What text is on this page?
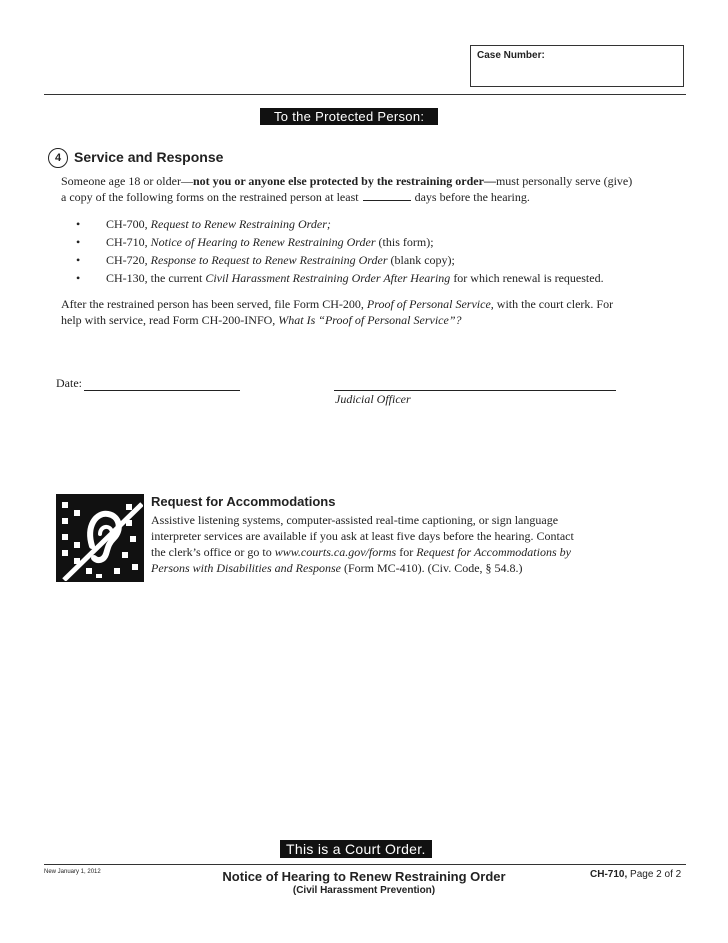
Case Number:
To the Protected Person:
4 Service and Response
Someone age 18 or older—not you or anyone else protected by the restraining order—must personally serve (give)
a copy of the following forms on the restrained person at least	days before the hearing.
•	CH-700, Request to Renew Restraining Order;
•	CH-710, Notice of Hearing to Renew Restraining Order (this form);
•	CH-720, Response to Request to Renew Restraining Order (blank copy);
•	CH-130, the current Civil Harassment Restraining Order After Hearing for which renewal is requested.
After the restrained person has been served, file Form CH-200, Proof of Personal Service, with the court clerk. For
help with service, read Form CH-200-INFO, What Is “Proof of Personal Service”?
Date:
Judicial Officer
Request for Accommodations
Assistive listening systems, computer-assisted real-time captioning, or sign language
interpreter services are available if you ask at least five days before the hearing. Contact
the clerk’s office or go to www.courts.ca.gov/forms for Request for Accommodations by
Persons with Disabilities and Response (Form MC-410). (Civ. Code, § 54.8.)
This is a Court Order.
New January 1, 2012	Notice of Hearing to Renew Restraining Order
(Civil Harassment Prevention)
CH-710, Page 2 of 2
